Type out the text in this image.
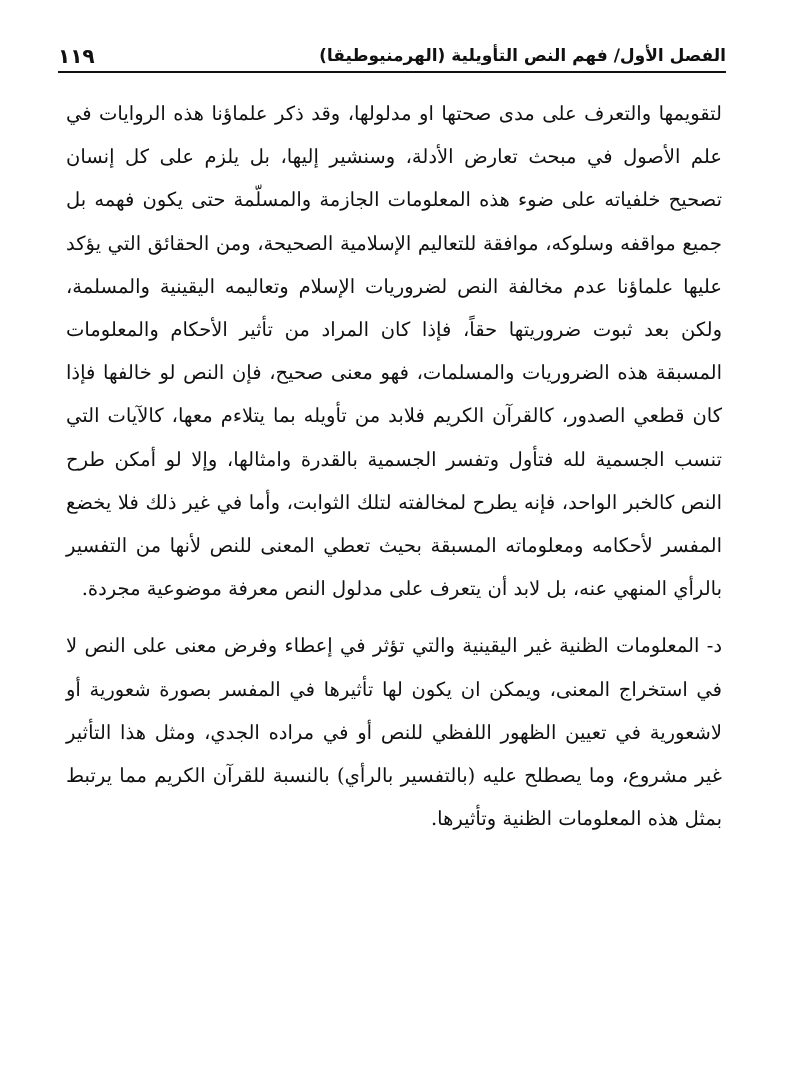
الفصل الأول/ فهم النص التأويلية (الهرمنيوطيقا)
١١٩

لتقويمها والتعرف على مدى صحتها او مدلولها، وقد ذكر علماؤنا هذه الروايات في علم الأصول في مبحث تعارض الأدلة، وسنشير إليها، بل يلزم على كل إنسان تصحيح خلفياته على ضوء هذه المعلومات الجازمة والمسلّمة حتى يكون فهمه بل جميع مواقفه وسلوكه، موافقة للتعاليم الإسلامية الصحيحة، ومن الحقائق التي يؤكد عليها علماؤنا عدم مخالفة النص لضروريات الإسلام وتعاليمه اليقينية والمسلمة، ولكن بعد ثبوت ضروريتها حقاً، فإذا كان المراد من تأثير الأحكام والمعلومات المسبقة هذه الضروريات والمسلمات، فهو معنى صحيح، فإن النص لو خالفها فإذا كان قطعي الصدور، كالقرآن الكريم فلابد من تأويله بما يتلاءم معها، كالآيات التي تنسب الجسمية لله فتأول وتفسر الجسمية بالقدرة وامثالها، وإلا لو أمكن طرح النص كالخبر الواحد، فإنه يطرح لمخالفته لتلك الثوابت، وأما في غير ذلك فلا يخضع المفسر لأحكامه ومعلوماته المسبقة بحيث تعطي المعنى للنص لأنها من التفسير بالرأي المنهي عنه، بل لابد أن يتعرف على مدلول النص معرفة موضوعية مجردة.

د- المعلومات الظنية غير اليقينية والتي تؤثر في إعطاء وفرض معنى على النص لا في استخراج المعنى، ويمكن ان يكون لها تأثيرها في المفسر بصورة شعورية أو لاشعورية في تعيين الظهور اللفظي للنص أو في مراده الجدي، ومثل هذا التأثير غير مشروع، وما يصطلح عليه (بالتفسير بالرأي) بالنسبة للقرآن الكريم مما يرتبط بمثل هذه المعلومات الظنية وتأثيرها.
